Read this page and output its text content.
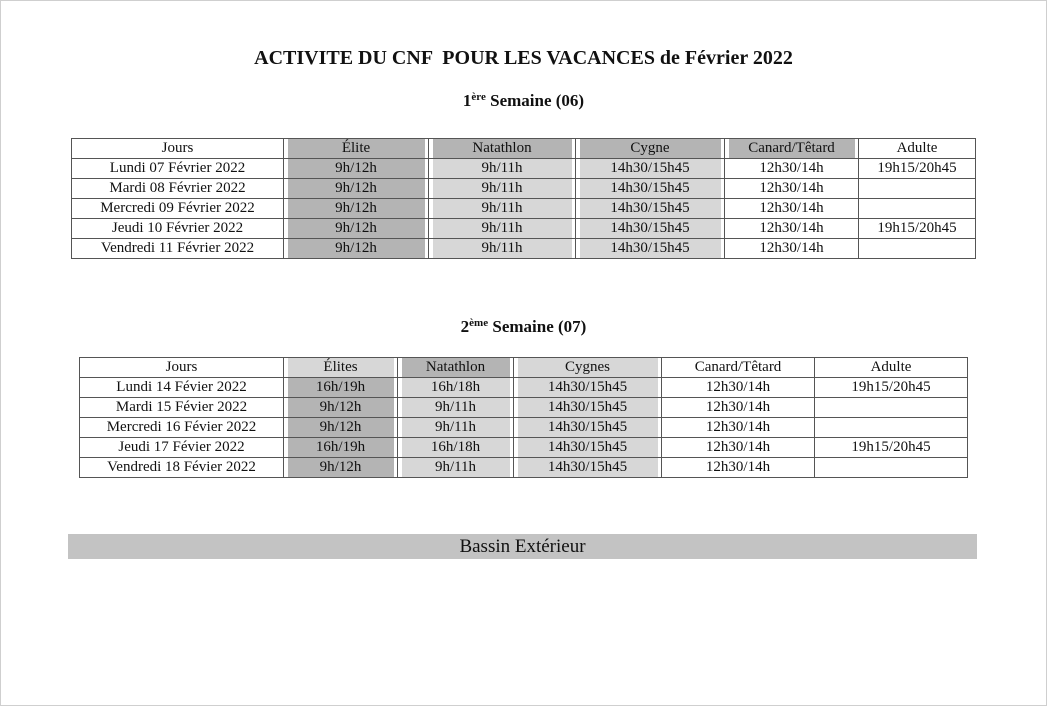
ACTIVITE DU CNF  POUR LES VACANCES de Février 2022
1ère Semaine (06)
Jours	Élite	Natathlon	Cygne	Canard/Têtard	Adulte
Lundi 07 Février 2022	9h/12h	9h/11h	14h30/15h45	12h30/14h	19h15/20h45
Mardi 08 Février 2022	9h/12h	9h/11h	14h30/15h45	12h30/14h	
Mercredi 09 Février 2022	9h/12h	9h/11h	14h30/15h45	12h30/14h	
Jeudi 10 Février 2022	9h/12h	9h/11h	14h30/15h45	12h30/14h	19h15/20h45
Vendredi 11 Février 2022	9h/12h	9h/11h	14h30/15h45	12h30/14h	
2ème Semaine (07)
Jours	Élites	Natathlon	Cygnes	Canard/Têtard	Adulte
Lundi 14 Févier 2022	16h/19h	16h/18h	14h30/15h45	12h30/14h	19h15/20h45
Mardi 15 Févier 2022	9h/12h	9h/11h	14h30/15h45	12h30/14h	
Mercredi 16 Févier 2022	9h/12h	9h/11h	14h30/15h45	12h30/14h	
Jeudi 17 Févier 2022	16h/19h	16h/18h	14h30/15h45	12h30/14h	19h15/20h45
Vendredi 18 Févier 2022	9h/12h	9h/11h	14h30/15h45	12h30/14h	
Bassin Extérieur
